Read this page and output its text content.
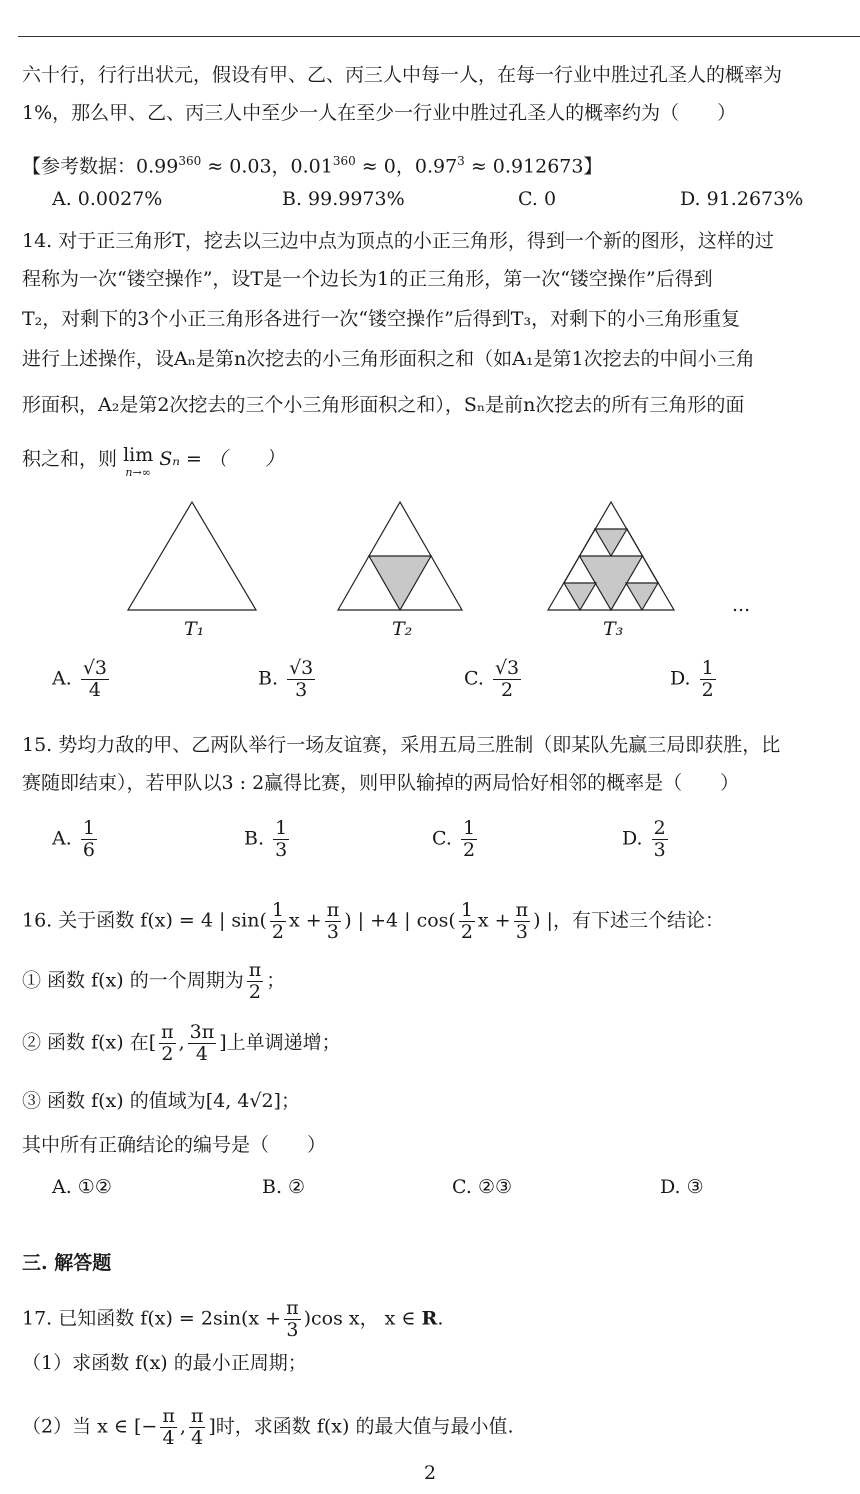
六十行，行行出状元，假设有甲、乙、丙三人中每一人，在每一行业中胜过孔圣人的概率为
1%，那么甲、乙、丙三人中至少一人在至少一行业中胜过孔圣人的概率约为（　　）
【参考数据：$0.99^{360} \approx 0.03$，$0.01^{360} \approx 0$，$0.97^3 \approx 0.912673$】
A. 0.0027%	B. 99.9973%	C. 0	D. 91.2673%
14. 对于正三角形T，挖去以三边中点为顶点的小正三角形，得到一个新的图形，这样的过
程称为一次“镂空操作”，设T是一个边长为1的正三角形，第一次“镂空操作”后得到
T₂，对剩下的3个小正三角形各进行一次“镂空操作”后得到T₃，对剩下的小三角形重复
进行上述操作，设Aₙ是第n次挖去的小三角形面积之和（如A₁是第1次挖去的中间小三角
形面积，A₂是第2次挖去的三个小三角形面积之和），Sₙ是前n次挖去的所有三角形的面
积之和，则 lim
n→∞
Sₙ = （　　）
T₁	T₂	T₃
...
A. $\frac{√3}{4}$	B. $\frac{√3}{3}$	C. $\frac{√3}{2}$	D. $\frac{1}{2}$
15. 势均力敌的甲、乙两队举行一场友谊赛，采用五局三胜制（即某队先赢三局即获胜，比
赛随即结束），若甲队以3 : 2赢得比赛，则甲队输掉的两局恰好相邻的概率是（　　）
A. $\frac{1}{6}$	B. $\frac{1}{3}$	C. $\frac{1}{2}$	D. $\frac{2}{3}$
16. 关于函数 f(x) = 4 | $\sin( \frac{1}{2}$ $x + \frac{\pi}{3}$ ) | +4 | $\cos( \frac{1}{2}$ $x + \frac{\pi}{3}$ ) |，有下述三个结论：
① 函数 f(x) 的一个周期为 $\frac{\pi}{2}$ ；
② 函数 f(x) 在[ $\frac{\pi}{2}$ , $\frac{3\pi}{4}$ ]上单调递增；
③ 函数 f(x) 的值域为[4, 4√2]；
其中所有正确结论的编号是（　　）
A. ①②	B. ②	C. ②③	D. ③
三. 解答题
17. 已知函数 $f(x) = 2\sin(x + \frac{\pi}{3} )\cos$ x， x ∈ R.
（1）求函数 f(x) 的最小正周期；
（2）当 x ∈ [− $\frac{\pi}{4}$ , $\frac{\pi}{4}$ ]时，求函数 f(x) 的最大值与最小值.
2
